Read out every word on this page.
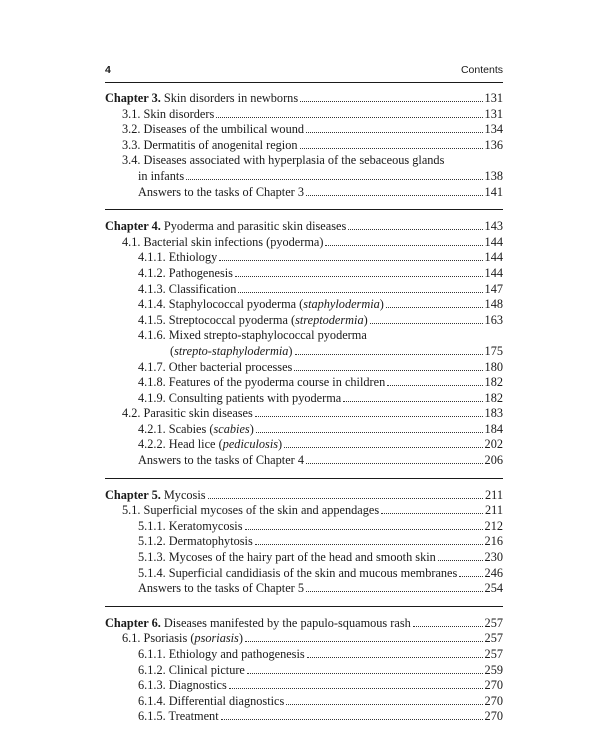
4	Contents
Chapter 3. Skin disorders in newborns	131
3.1. Skin disorders	131
3.2. Diseases of the umbilical wound	134
3.3. Dermatitis of anogenital region	136
3.4. Diseases associated with hyperplasia of the sebaceous glands
in infants	138
Answers to the tasks of Chapter 3	141
Chapter 4. Pyoderma and parasitic skin diseases	143
4.1. Bacterial skin infections (pyoderma)	144
4.1.1. Ethiology	144
4.1.2. Pathogenesis	144
4.1.3. Classification	147
4.1.4. Staphylococcal pyoderma (staphylodermia)	148
4.1.5. Streptococcal pyoderma (streptodermia)	163
4.1.6. Mixed strepto-staphylococcal pyoderma
(strepto-staphylodermia)	175
4.1.7. Other bacterial processes	180
4.1.8. Features of the pyoderma course in children	182
4.1.9. Consulting patients with pyoderma	182
4.2. Parasitic skin diseases	183
4.2.1. Scabies (scabies)	184
4.2.2. Head lice (pediculosis)	202
Answers to the tasks of Chapter 4	206
Chapter 5. Mycosis	211
5.1. Superficial mycoses of the skin and appendages	211
5.1.1. Keratomycosis	212
5.1.2. Dermatophytosis	216
5.1.3. Mycoses of the hairy part of the head and smooth skin	230
5.1.4. Superficial candidiasis of the skin and mucous membranes 246
Answers to the tasks of Chapter 5	254
Chapter 6. Diseases manifested by the papulo-squamous rash	257
6.1. Psoriasis (psoriasis)	257
6.1.1. Ethiology and pathogenesis	257
6.1.2. Clinical picture	259
6.1.3. Diagnostics	270
6.1.4. Differential diagnostics	270
6.1.5. Treatment	270
